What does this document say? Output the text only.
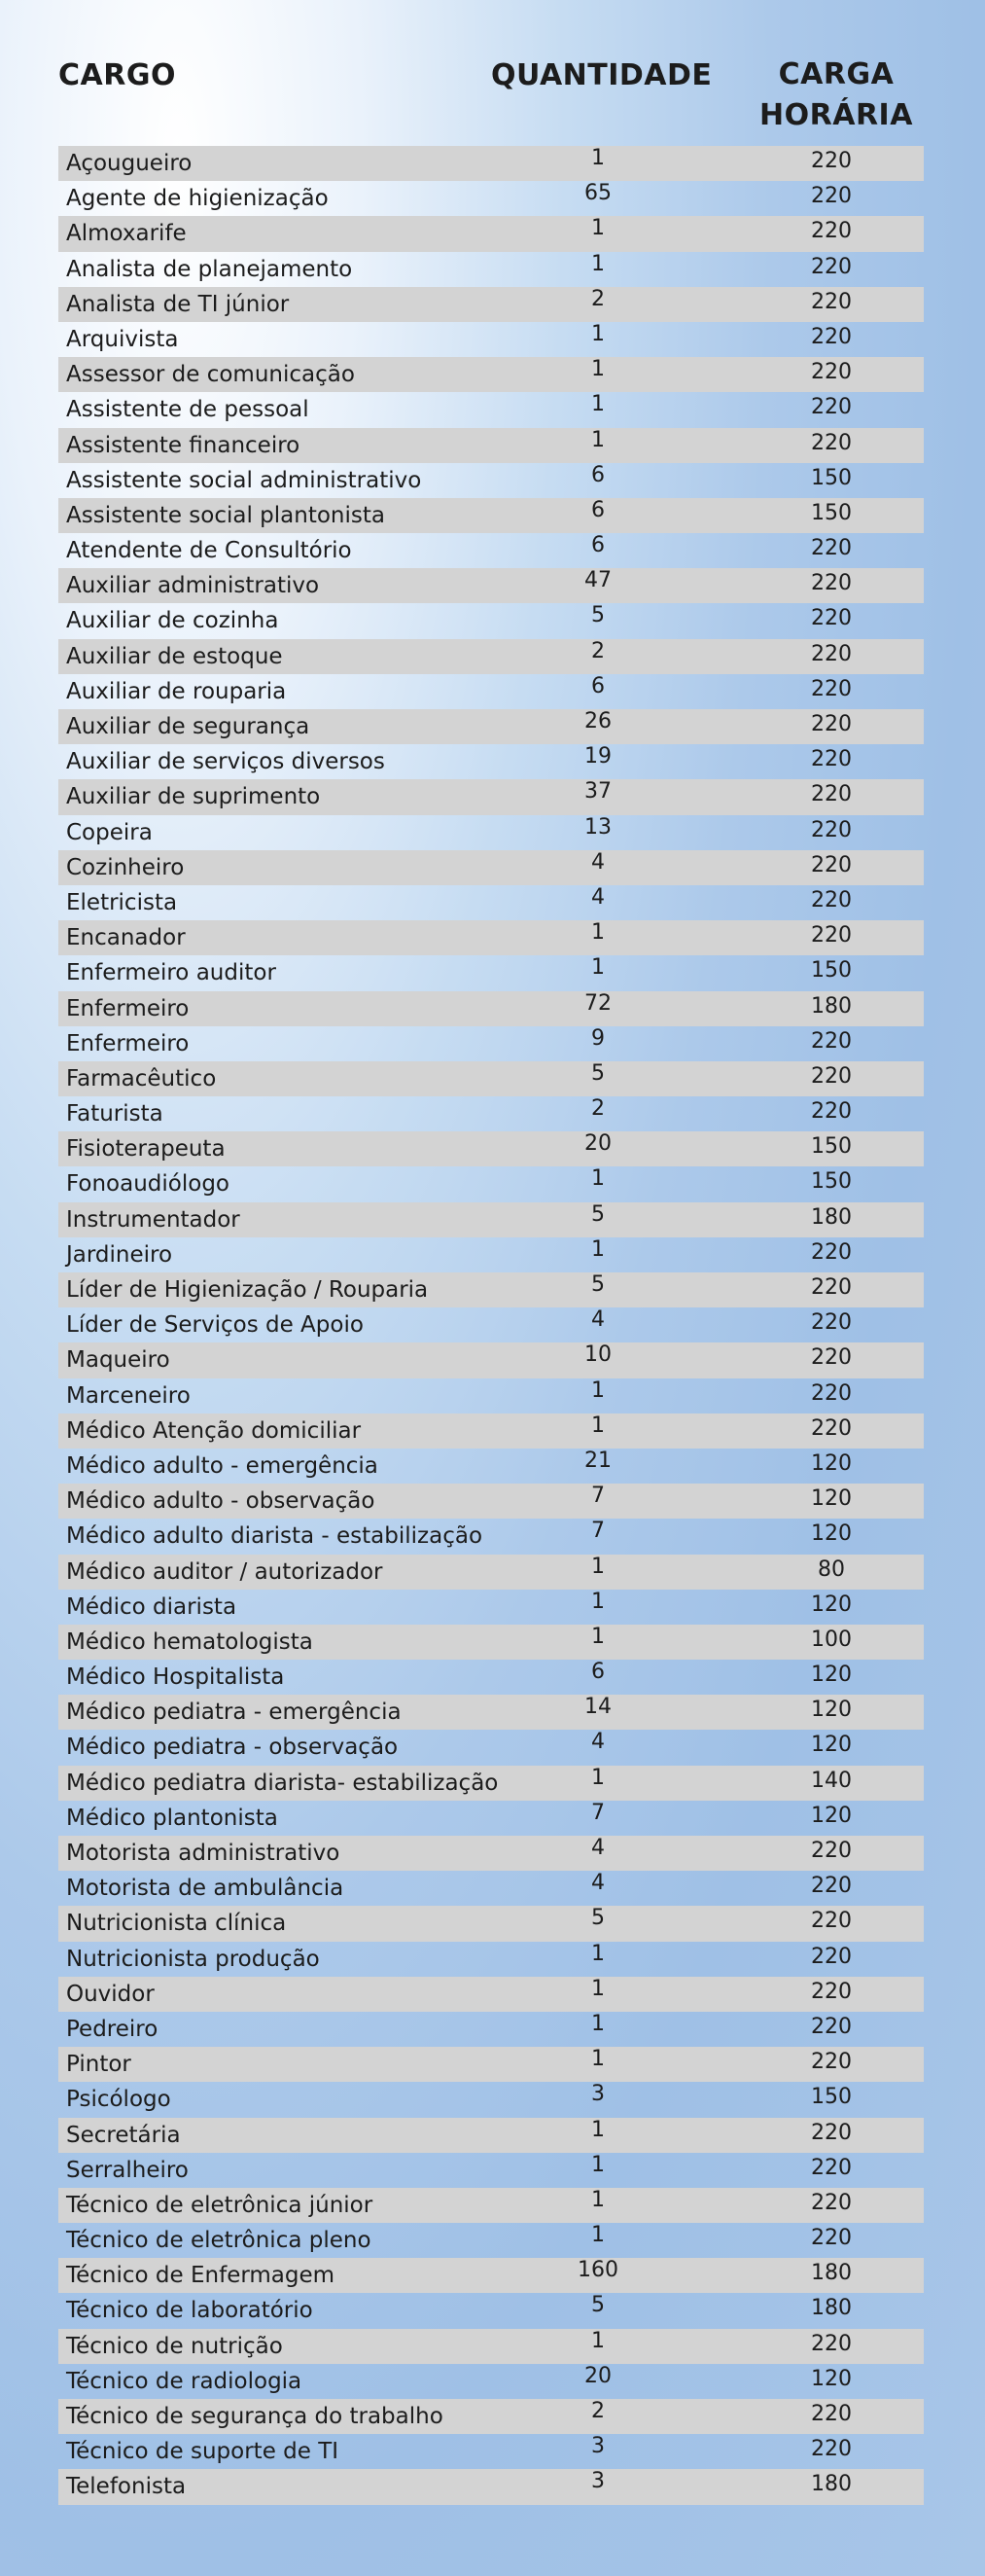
CARGO	QUANTIDADE	CARGA
HORÁRIA
Açougueiro	1	220
Agente de higienização	65	220
Almoxarife	1	220
Analista de planejamento	1	220
Analista de TI júnior	2	220
Arquivista	1	220
Assessor de comunicação	1	220
Assistente de pessoal	1	220
Assistente financeiro	1	220
Assistente social administrativo	6	150
Assistente social plantonista	6	150
Atendente de Consultório	6	220
Auxiliar administrativo	47	220
Auxiliar de cozinha	5	220
Auxiliar de estoque	2	220
Auxiliar de rouparia	6	220
Auxiliar de segurança	26	220
Auxiliar de serviços diversos	19	220
Auxiliar de suprimento	37	220
Copeira	13	220
Cozinheiro	4	220
Eletricista	4	220
Encanador	1	220
Enfermeiro auditor	1	150
Enfermeiro	72	180
Enfermeiro	9	220
Farmacêutico	5	220
Faturista	2	220
Fisioterapeuta	20	150
Fonoaudiólogo	1	150
Instrumentador	5	180
Jardineiro	1	220
Líder de Higienização / Rouparia	5	220
Líder de Serviços de Apoio	4	220
Maqueiro	10	220
Marceneiro	1	220
Médico Atenção domiciliar	1	220
Médico adulto - emergência	21	120
Médico adulto - observação	7	120
Médico adulto diarista - estabilização	7	120
Médico auditor / autorizador	1	80
Médico diarista	1	120
Médico hematologista	1	100
Médico Hospitalista	6	120
Médico pediatra - emergência	14	120
Médico pediatra - observação	4	120
Médico pediatra diarista- estabilização	1	140
Médico plantonista	7	120
Motorista administrativo	4	220
Motorista de ambulância	4	220
Nutricionista clínica	5	220
Nutricionista produção	1	220
Ouvidor	1	220
Pedreiro	1	220
Pintor	1	220
Psicólogo	3	150
Secretária	1	220
Serralheiro	1	220
Técnico de eletrônica júnior	1	220
Técnico de eletrônica pleno	1	220
Técnico de Enfermagem	160	180
Técnico de laboratório	5	180
Técnico de nutrição	1	220
Técnico de radiologia	20	120
Técnico de segurança do trabalho	2	220
Técnico de suporte de TI	3	220
Telefonista	3	180
